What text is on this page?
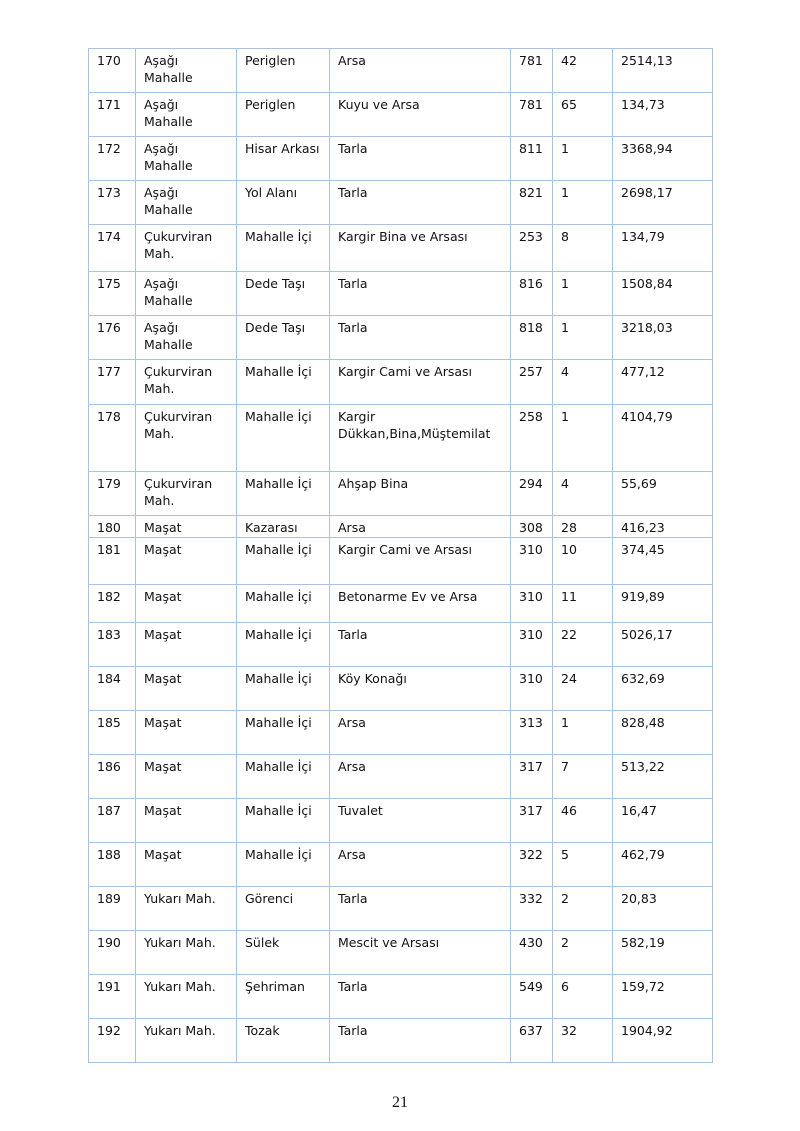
170	Aşağı Mahalle	Periglen	Arsa	781	42	2514,13
171	Aşağı Mahalle	Periglen	Kuyu ve Arsa	781	65	134,73
172	Aşağı Mahalle	Hisar Arkası	Tarla	811	1	3368,94
173	Aşağı Mahalle	Yol Alanı	Tarla	821	1	2698,17
174	Çukurviran Mah.	Mahalle İçi	Kargir Bina ve Arsası	253	8	134,79
175	Aşağı Mahalle	Dede Taşı	Tarla	816	1	1508,84
176	Aşağı Mahalle	Dede Taşı	Tarla	818	1	3218,03
177	Çukurviran Mah.	Mahalle İçi	Kargir Cami ve Arsası	257	4	477,12
178	Çukurviran Mah.	Mahalle İçi	Kargir Dükkan,Bina,Müştemilat	258	1	4104,79
179	Çukurviran Mah.	Mahalle İçi	Ahşap Bina	294	4	55,69
180	Maşat	Kazarası	Arsa	308	28	416,23
181	Maşat	Mahalle İçi	Kargir Cami ve Arsası	310	10	374,45
182	Maşat	Mahalle İçi	Betonarme Ev ve Arsa	310	11	919,89
183	Maşat	Mahalle İçi	Tarla	310	22	5026,17
184	Maşat	Mahalle İçi	Köy Konağı	310	24	632,69
185	Maşat	Mahalle İçi	Arsa	313	1	828,48
186	Maşat	Mahalle İçi	Arsa	317	7	513,22
187	Maşat	Mahalle İçi	Tuvalet	317	46	16,47
188	Maşat	Mahalle İçi	Arsa	322	5	462,79
189	Yukarı Mah.	Görenci	Tarla	332	2	20,83
190	Yukarı Mah.	Sülek	Mescit ve Arsası	430	2	582,19
191	Yukarı Mah.	Şehriman	Tarla	549	6	159,72
192	Yukarı Mah.	Tozak	Tarla	637	32	1904,92
21
